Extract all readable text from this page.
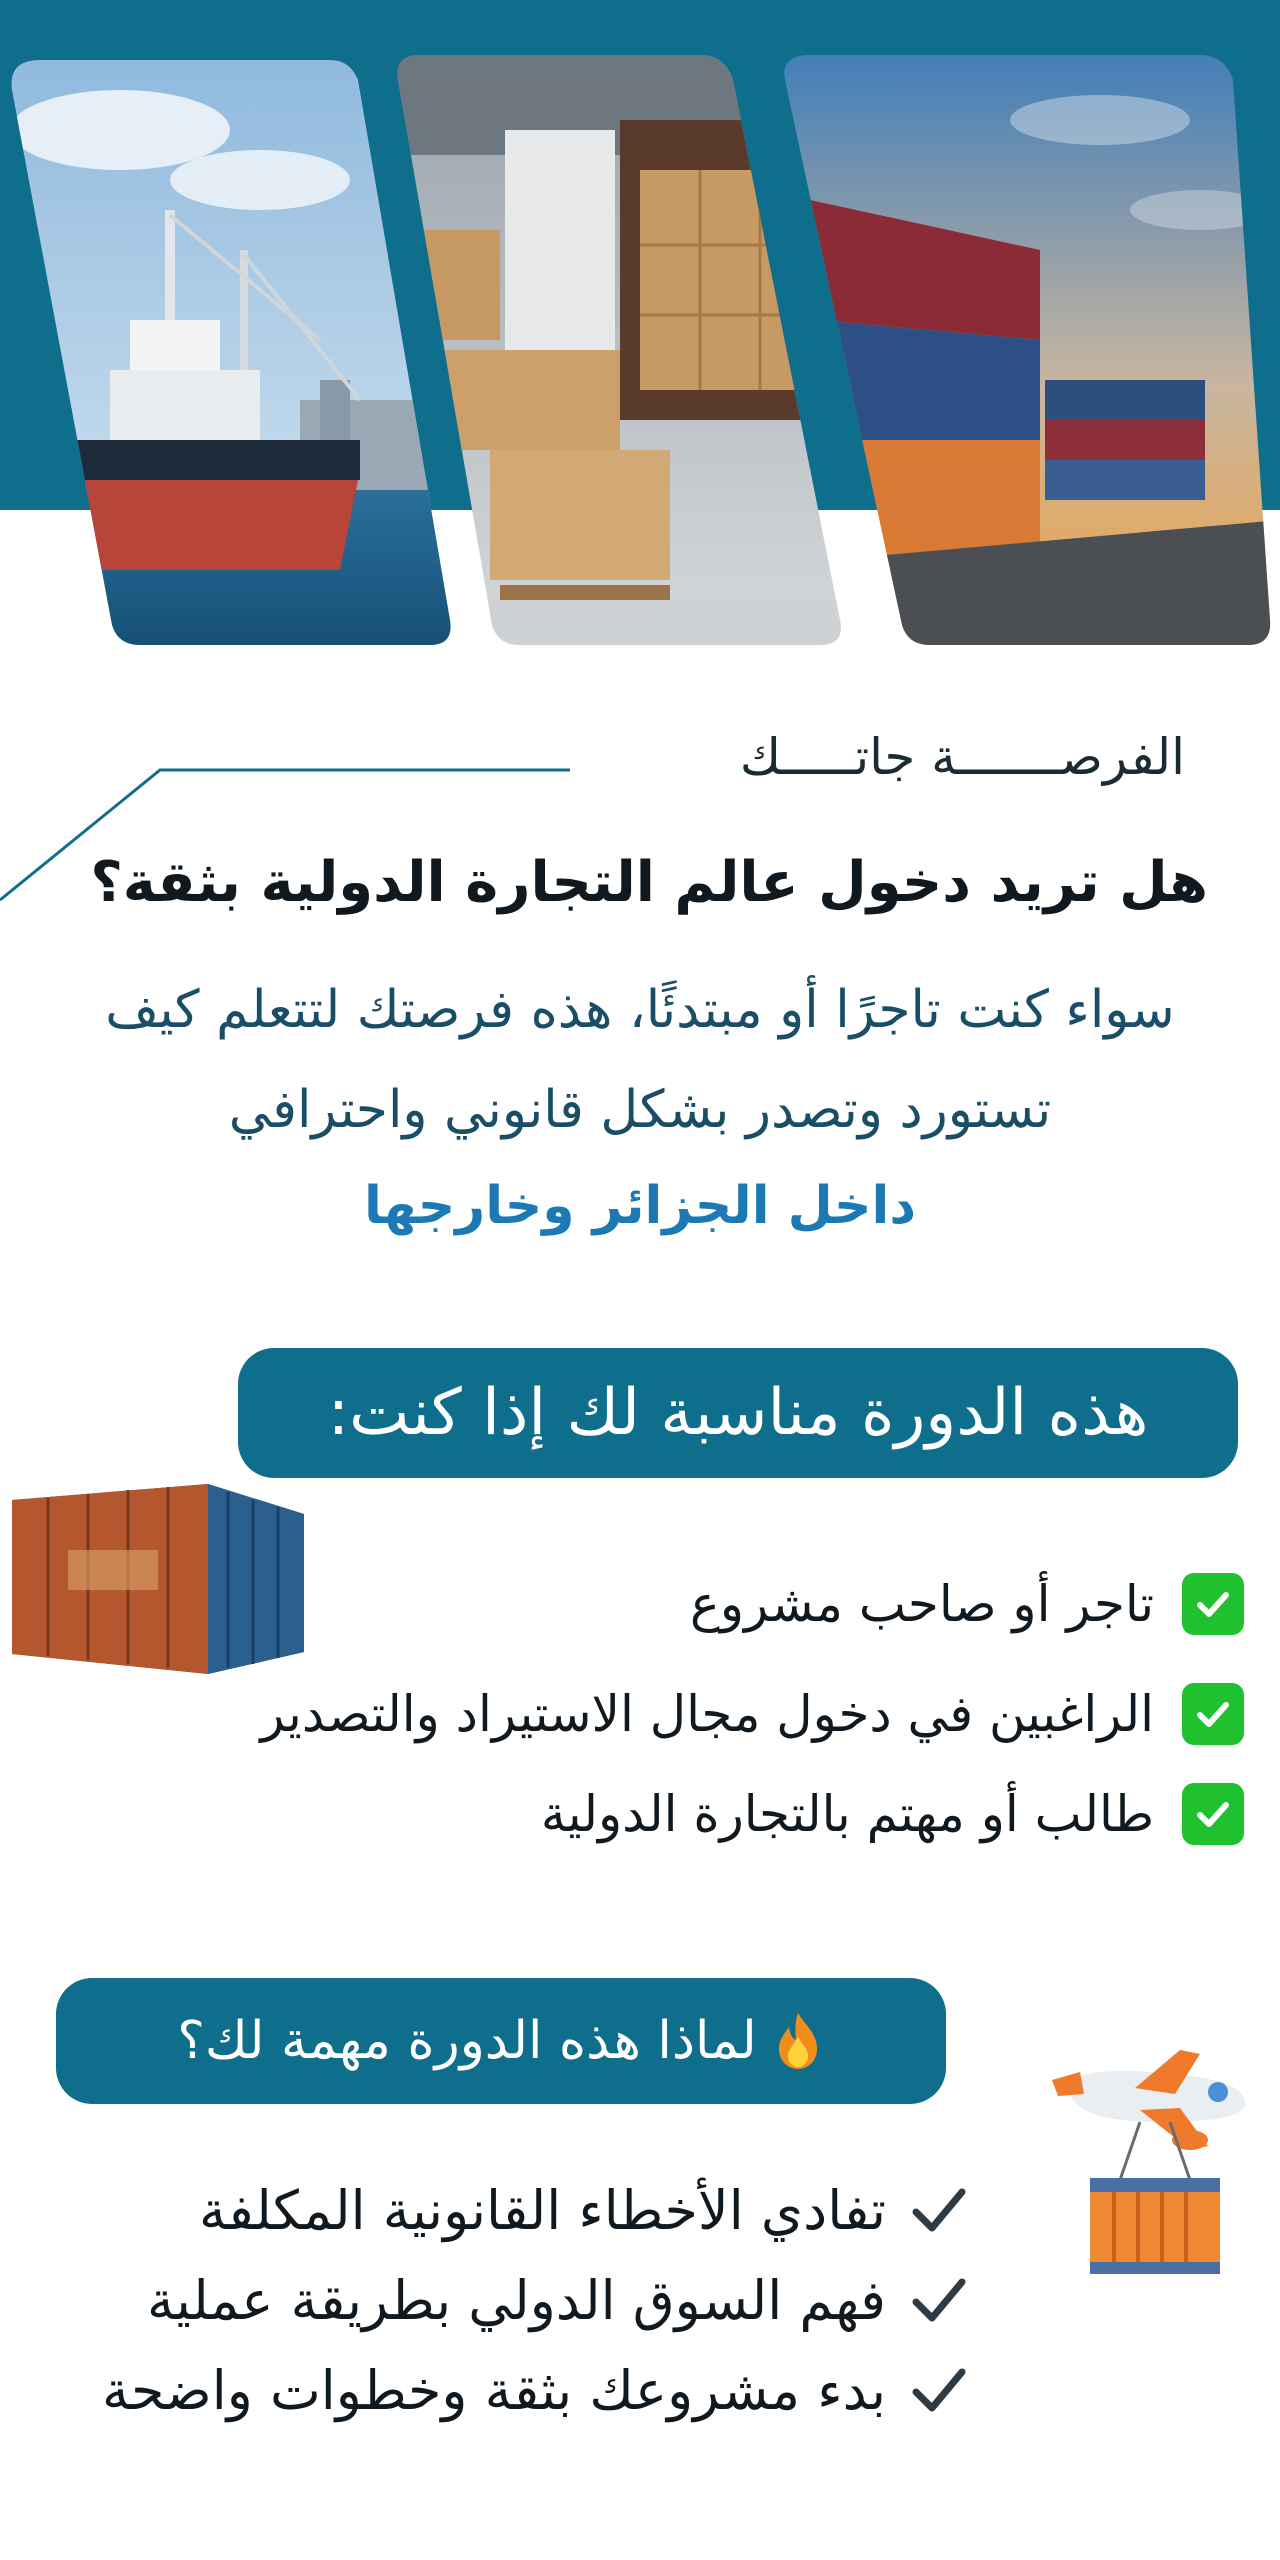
الفرصـــــــة جاتـــــك
هل تريد دخول عالم التجارة الدولية بثقة؟
سواء كنت تاجرًا أو مبتدئًا، هذه فرصتك لتتعلم كيف
تستورد وتصدر بشكل قانوني واحترافي
داخل الجزائر وخارجها
هذه الدورة مناسبة لك إذا كنت:
تاجر أو صاحب مشروع
الراغبين في دخول مجال الاستيراد والتصدير
طالب أو مهتم بالتجارة الدولية
لماذا هذه الدورة مهمة لك؟
تفادي الأخطاء القانونية المكلفة
فهم السوق الدولي بطريقة عملية
بدء مشروعك بثقة وخطوات واضحة
